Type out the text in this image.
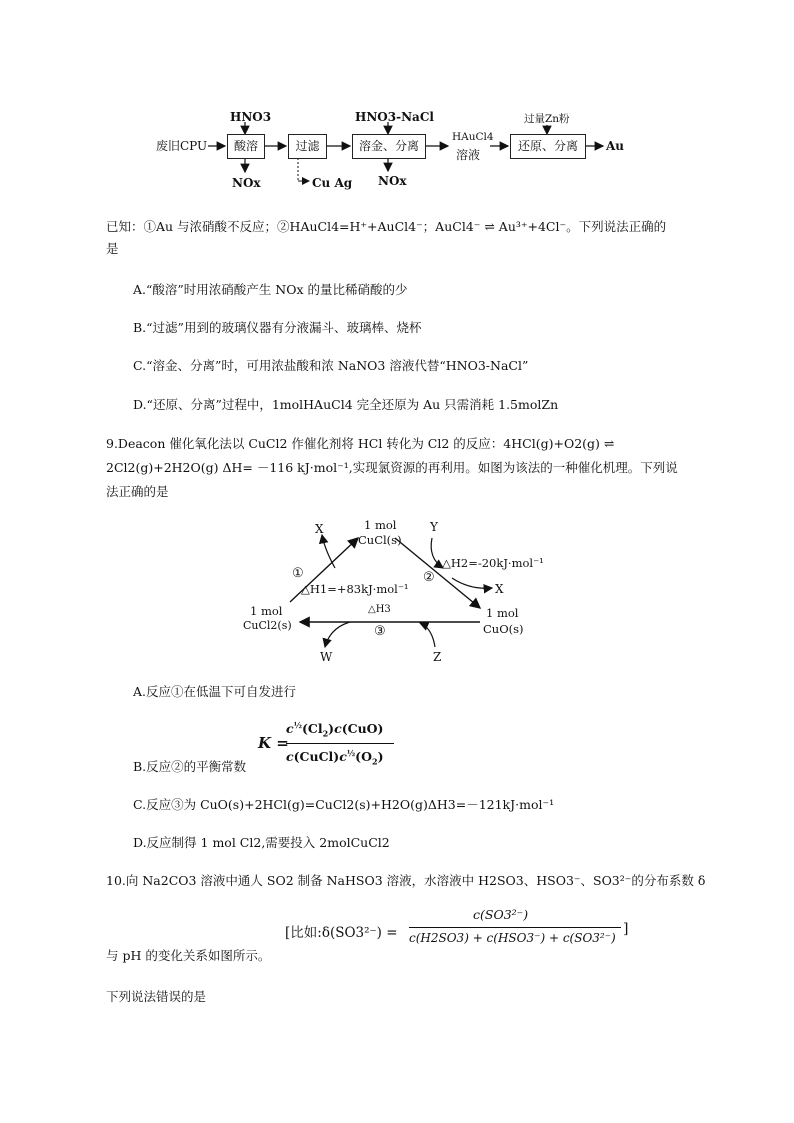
废旧CPU
HNO3
酸溶
NOx
过滤
Cu Ag
HNO3-NaCl
溶金、分离
NOx
HAuCl4
溶液
过量Zn粉
还原、分离	Au
已知：①Au 与浓硝酸不反应；②HAuCl4=H⁺+AuCl4⁻；AuCl4⁻ ⇌ Au³⁺+4Cl⁻。下列说法正确的
是
A.“酸溶”时用浓硝酸产生 NOx 的量比稀硝酸的少
B.“过滤”用到的玻璃仪器有分液漏斗、玻璃棒、烧杯
C.“溶金、分离”时，可用浓盐酸和浓 NaNO3 溶液代替“HNO3-NaCl”
D.“还原、分离”过程中，1molHAuCl4 完全还原为 Au 只需消耗 1.5molZn
9.Deacon 催化氧化法以 CuCl2 作催化剂将 HCl 转化为 Cl2 的反应：4HCl(g)+O2(g) ⇌
2Cl2(g)+2H2O(g) ΔH= －116 kJ·mol⁻¹,实现氯资源的再利用。如图为该法的一种催化机理。下列说
法正确的是
1 mol
CuCl(s)
X	Y
①
△H1=+83kJ·mol⁻¹
②
△H2=-20kJ·mol⁻¹
X
1 mol
CuCl2(s)
1 mol
CuO(s)
△H3
③
W	Z
A.反应①在低温下可自发进行
K =
$c^{\frac{1}{2}}(Cl_2)c(CuO)$
$c(CuCl)c^{\frac{1}{2}}(O_2)$
B.反应②的平衡常数
C.反应③为 CuO(s)+2HCl(g)=CuCl2(s)+H2O(g)ΔH3=－121kJ·mol⁻¹
D.反应制得 1 mol Cl2,需要投入 2molCuCl2
10.向 Na2CO3 溶液中通人 SO2 制备 NaHSO3 溶液，水溶液中 H2SO3、HSO3⁻、SO3²⁻的分布系数 δ
[比如:δ(SO3²⁻) =
c(SO3²⁻)
c(H2SO3) + c(HSO3⁻) + c(SO3²⁻)
]
与 pH 的变化关系如图所示。
下列说法错误的是
